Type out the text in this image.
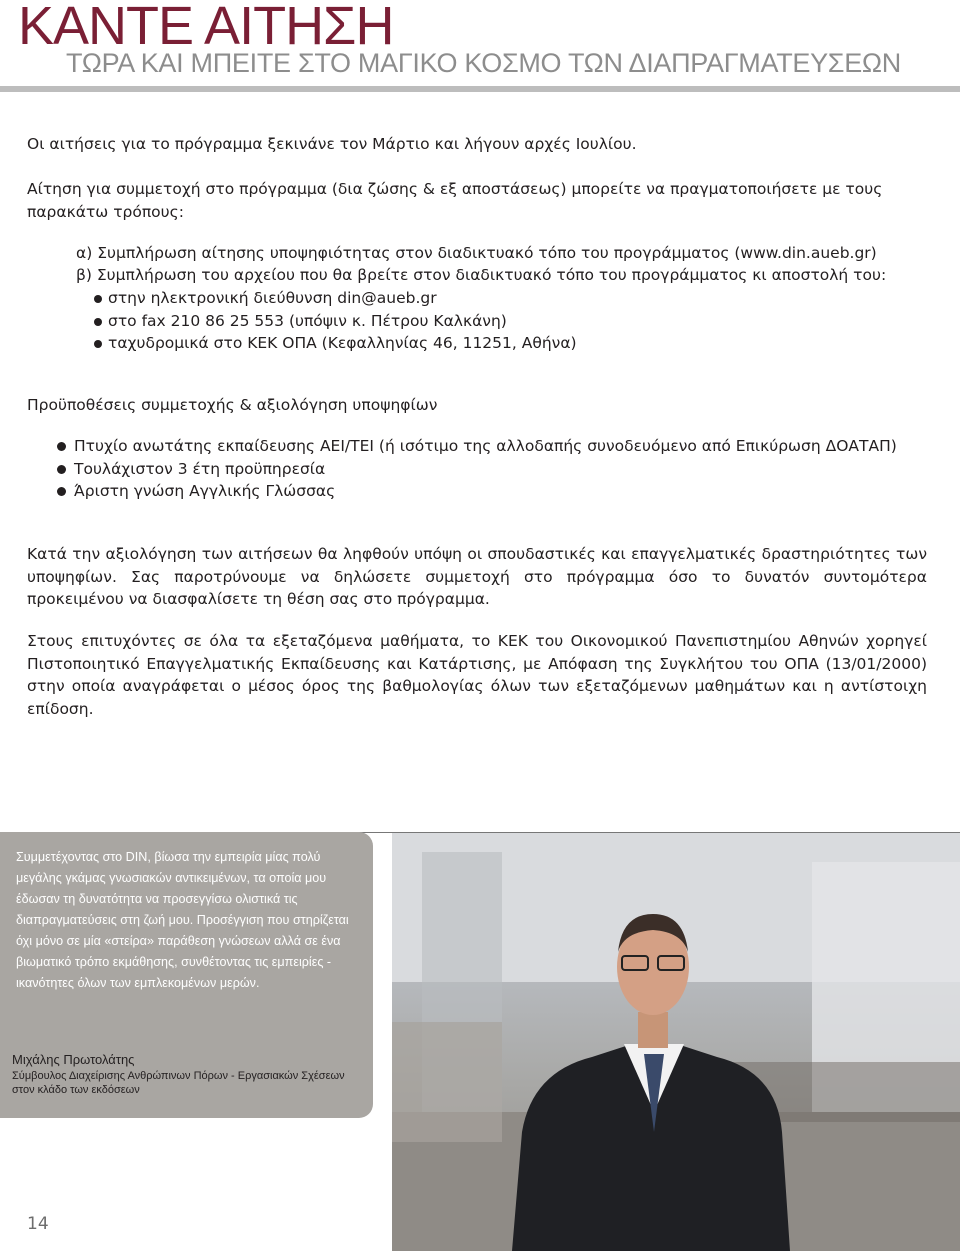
ΚΑΝΤΕ ΑΙΤΗΣΗ
ΤΩΡΑ ΚΑΙ ΜΠΕΙΤΕ ΣΤΟ ΜΑΓΙΚΟ ΚΟΣΜΟ ΤΩΝ ΔΙΑΠΡΑΓΜΑΤΕΥΣΕΩΝ
Οι αιτήσεις για το πρόγραμμα ξεκινάνε τον Μάρτιο και λήγουν αρχές Ιουλίου.
Αίτηση για συμμετοχή στο πρόγραμμα (δια ζώσης & εξ αποστάσεως) μπορείτε να πραγματοποιήσετε με τους παρακάτω τρόπους:
α) Συμπλήρωση αίτησης υποψηφιότητας στον διαδικτυακό τόπο του προγράμματος (www.din.aueb.gr)
β) Συμπλήρωση του αρχείου που θα βρείτε στον διαδικτυακό τόπο του προγράμματος κι αποστολή του:
στην ηλεκτρονική διεύθυνση din@aueb.gr
στο fax 210 86 25 553 (υπόψιν κ. Πέτρου Καλκάνη)
ταχυδρομικά στο ΚΕΚ ΟΠΑ (Κεφαλληνίας 46, 11251, Αθήνα)
Προϋποθέσεις συμμετοχής & αξιολόγηση υποψηφίων
Πτυχίο ανωτάτης εκπαίδευσης ΑΕΙ/ΤΕΙ (ή ισότιμο της αλλοδαπής συνοδευόμενο από Επικύρωση ΔΟΑΤΑΠ)
Τουλάχιστον 3 έτη προϋπηρεσία
Άριστη γνώση Αγγλικής Γλώσσας
Κατά την αξιολόγηση των αιτήσεων θα ληφθούν υπόψη οι σπουδαστικές και επαγγελματικές δραστηριότητες των υποψηφίων. Σας παροτρύνουμε να δηλώσετε συμμετοχή στο πρόγραμμα όσο το δυνατόν συντομότερα προκειμένου να διασφαλίσετε τη θέση σας στο πρόγραμμα.
Στους επιτυχόντες σε όλα τα εξεταζόμενα μαθήματα, το ΚΕΚ του Οικονομικού Πανεπιστημίου Αθηνών χορηγεί Πιστοποιητικό Επαγγελματικής Εκπαίδευσης και Κατάρτισης, με Απόφαση της Συγκλήτου του ΟΠΑ (13/01/2000) στην οποία αναγράφεται ο μέσος όρος της βαθμολογίας όλων των εξεταζόμενων μαθημάτων και η αντίστοιχη επίδοση.
Συμμετέχοντας στο DIN, βίωσα την εμπειρία μίας πολύ μεγάλης γκάμας γνωσιακών αντικειμένων, τα οποία μου έδωσαν τη δυνατότητα να προσεγγίσω ολιστικά τις διαπραγματεύσεις στη ζωή μου. Προσέγγιση που στηρίζεται όχι μόνο σε μία «στείρα» παράθεση γνώσεων αλλά σε ένα βιωματικό τρόπο εκμάθησης, συνθέτοντας τις εμπειρίες - ικανότητες όλων των εμπλεκομένων μερών.
Μιχάλης Πρωτολάτης
Σύμβουλος Διαχείρισης Ανθρώπινων Πόρων - Εργασιακών Σχέσεων στον κλάδο των εκδόσεων
14
